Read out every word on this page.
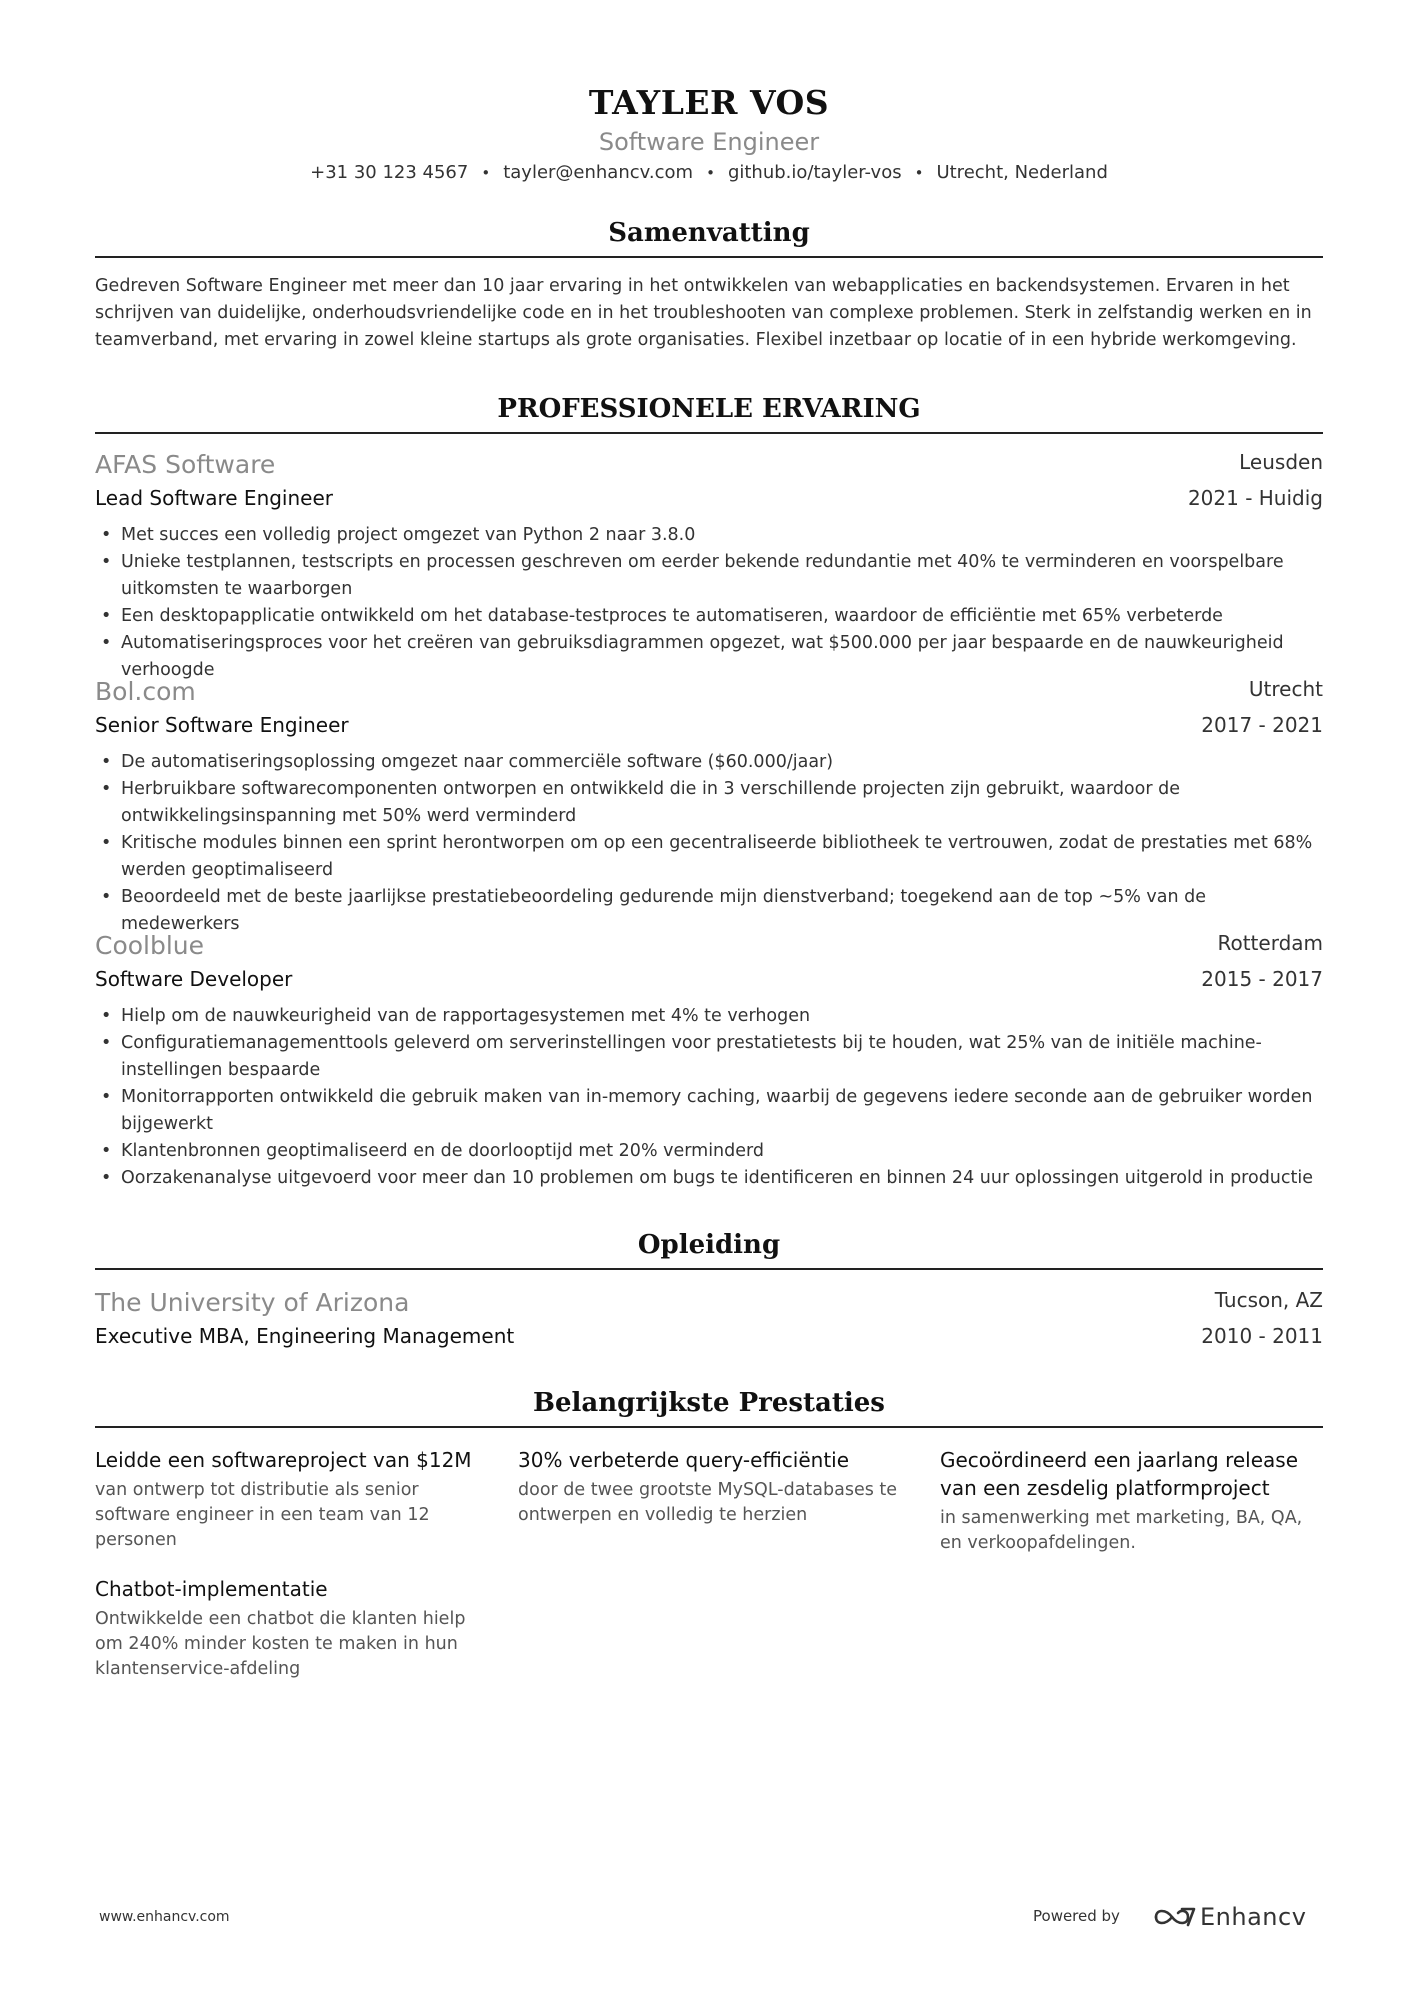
TAYLER VOS
Software Engineer
+31 30 123 4567 • tayler@enhancv.com • github.io/tayler-vos • Utrecht, Nederland
Samenvatting

Gedreven Software Engineer met meer dan 10 jaar ervaring in het ontwikkelen van webapplicaties en backendsystemen. Ervaren in het schrijven van duidelijke, onderhoudsvriendelijke code en in het troubleshooten van complexe problemen. Sterk in zelfstandig werken en in teamverband, met ervaring in zowel kleine startups als grote organisaties. Flexibel inzetbaar op locatie of in een hybride werkomgeving.

PROFESSIONELE ERVARING
AFAS Software	Leusden
Lead Software Engineer	2021 - Huidig
• Met succes een volledig project omgezet van Python 2 naar 3.8.0
• Unieke testplannen, testscripts en processen geschreven om eerder bekende redundantie met 40% te verminderen en voorspelbare uitkomsten te waarborgen
• Een desktopapplicatie ontwikkeld om het database-testproces te automatiseren, waardoor de efficiëntie met 65% verbeterde
• Automatiseringsproces voor het creëren van gebruiksdiagrammen opgezet, wat $500.000 per jaar bespaarde en de nauwkeurigheid verhoogde
Bol.com	Utrecht
Senior Software Engineer	2017 - 2021
• De automatiseringsoplossing omgezet naar commerciële software ($60.000/jaar)
• Herbruikbare softwarecomponenten ontworpen en ontwikkeld die in 3 verschillende projecten zijn gebruikt, waardoor de ontwikkelingsinspanning met 50% werd verminderd
• Kritische modules binnen een sprint herontworpen om op een gecentraliseerde bibliotheek te vertrouwen, zodat de prestaties met 68% werden geoptimaliseerd
• Beoordeeld met de beste jaarlijkse prestatiebeoordeling gedurende mijn dienstverband; toegekend aan de top ~5% van de medewerkers
Coolblue	Rotterdam
Software Developer	2015 - 2017
• Hielp om de nauwkeurigheid van de rapportagesystemen met 4% te verhogen
• Configuratiemanagementtools geleverd om serverinstellingen voor prestatietests bij te houden, wat 25% van de initiële machine-instellingen bespaarde
• Monitorrapporten ontwikkeld die gebruik maken van in-memory caching, waarbij de gegevens iedere seconde aan de gebruiker worden bijgewerkt
• Klantenbronnen geoptimaliseerd en de doorlooptijd met 20% verminderd
• Oorzakenanalyse uitgevoerd voor meer dan 10 problemen om bugs te identificeren en binnen 24 uur oplossingen uitgerold in productie
Opleiding
The University of Arizona	Tucson, AZ
Executive MBA, Engineering Management	2010 - 2011
Belangrijkste Prestaties
Leidde een softwareproject van $12M
van ontwerp tot distributie als senior software engineer in een team van 12 personen
30% verbeterde query-efficiëntie
door de twee grootste MySQL-databases te ontwerpen en volledig te herzien
Gecoördineerd een jaarlang release van een zesdelig platformproject
in samenwerking met marketing, BA, QA, en verkoopafdelingen.
Chatbot-implementatie
Ontwikkelde een chatbot die klanten hielp om 240% minder kosten te maken in hun klantenservice-afdeling
www.enhancv.com	Powered by	Enhancv
